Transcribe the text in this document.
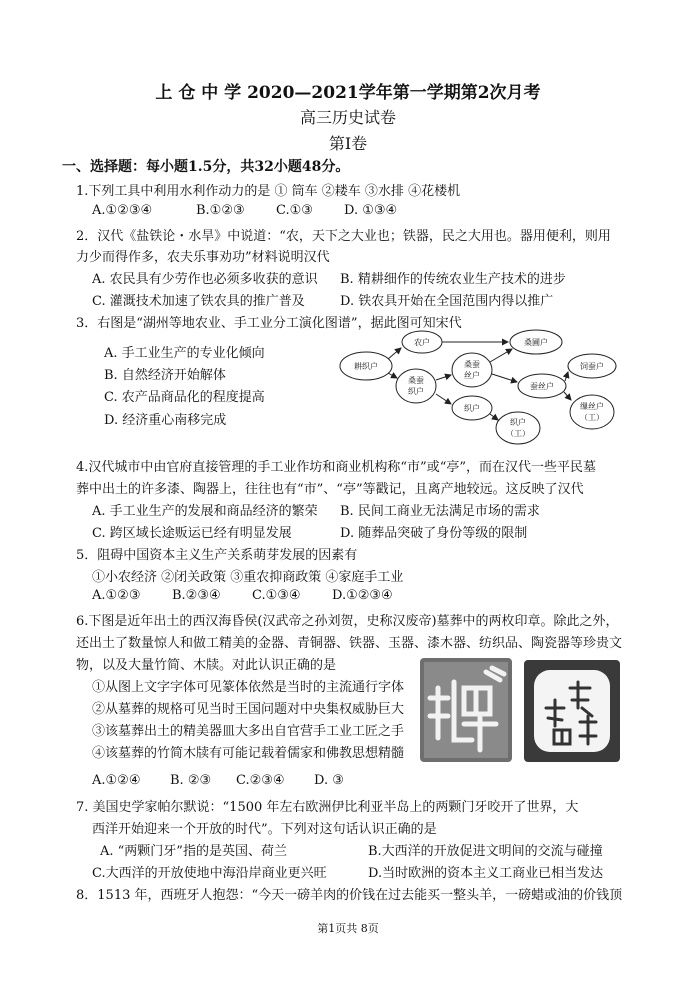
上 仓 中 学 2020—2021学年第一学期第2次月考
高三历史试卷
第Ⅰ卷
一、选择题：每小题1.5分，共32小题48分。
1.下列工具中利用水利作动力的是 ① 筒车 ②耧车 ③水排 ④花楼机
A.①②③④	B.①②③ C.①③ D. ①③④
2．汉代《盐铁论・水旱》中说道：“农，天下之大业也；铁器，民之大用也。器用便利，则用
力少而得作多，农夫乐事劝功”材料说明汉代
A. 农民具有少劳作也必须多收获的意识 B. 精耕细作的传统农业生产技术的进步
C. 灌溉技术加速了铁农具的推广普及	D. 铁农具开始在全国范围内得以推广
3．右图是“湖州等地农业、手工业分工演化图谱”，据此图可知宋代
A. 手工业生产的专业化倾向
B. 自然经济开始解体
C. 农产品商品化的程度提高
D. 经济重心南移完成
耕织户
农户
桑蚕
织户
桑蚕
丝户
桑圃户
织户
蚕丝户
织户
（工）
饲蚕户
缫丝户
（工）
4.汉代城市中由官府直接管理的手工业作坊和商业机构称“市”或“亭”，而在汉代一些平民墓
葬中出土的许多漆、陶器上，往往也有“市”、“亭”等戳记，且离产地较远。这反映了汉代
A. 手工业生产的发展和商品经济的繁荣 B. 民间工商业无法满足市场的需求
C. 跨区域长途贩运已经有明显发展	D. 随葬品突破了身份等级的限制
5．阻碍中国资本主义生产关系萌芽发展的因素有
①小农经济 ②闭关政策 ③重农抑商政策 ④家庭手工业
A.①②③ B.②③④ C.①③④ D.①②③④
6.下图是近年出土的西汉海昏侯(汉武帝之孙刘贺，史称汉废帝)墓葬中的两枚印章。除此之外，
还出土了数量惊人和做工精美的金器、青铜器、铁器、玉器、漆木器、纺织品、陶瓷器等珍贵文
物，以及大量竹简、木牍。对此认识正确的是
①从图上文字字体可见篆体依然是当时的主流通行字体
②从墓葬的规格可见当时王国问题对中央集权威胁巨大
③该墓葬出土的精美器皿大多出自官营手工业工匠之手
④该墓葬的竹简木牍有可能记载着儒家和佛教思想精髓
A.①②④ B. ②③ C.②③④ D. ③
7. 美国史学家帕尔默说：“1500 年左右欧洲伊比利亚半岛上的两颗门牙咬开了世界，大
西洋开始迎来一个开放的时代”。下列对这句话认识正确的是
A. “两颗门牙”指的是英国、荷兰	B.大西洋的开放促进文明间的交流与碰撞
C.大西洋的开放使地中海沿岸商业更兴旺	D.当时欧洲的资本主义工商业已相当发达
8．1513 年，西班牙人抱怨：“今天一磅羊肉的价钱在过去能买一整头羊，一磅蜡或油的价钱顶
第1页共 8页
